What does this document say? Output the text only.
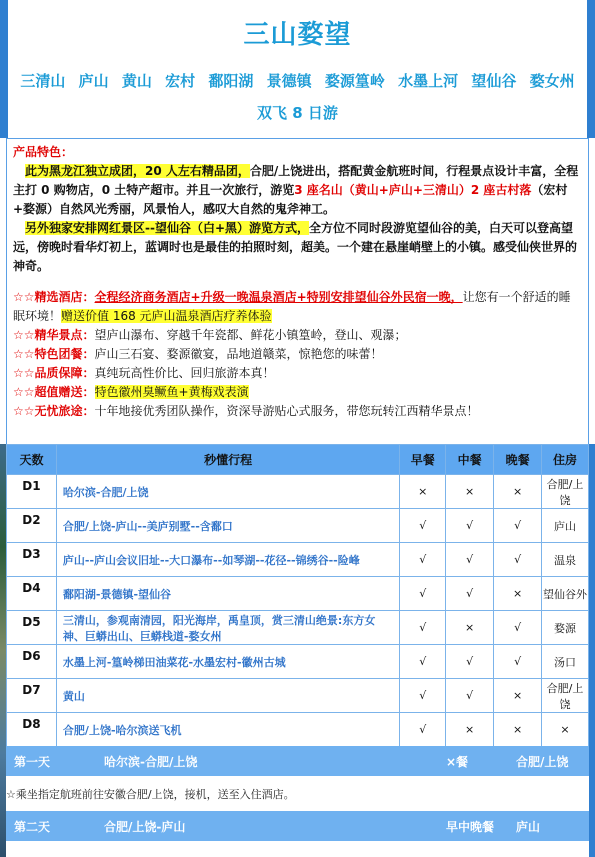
三山婺望
三清山 庐山 黄山 宏村 鄱阳湖 景德镇 婺源篁岭 水墨上河 望仙谷 婺女州
双飞 8 日游
产品特色：
此为黑龙江独立成团，20 人左右精品团，合肥/上饶进出，搭配黄金航班时间，行程景点设计丰富，全程主打 0 购物店，0 土特产超市。并且一次旅行，游览3 座名山（黄山+庐山+三清山）2 座古村落（宏村+婺源）自然风光秀丽，风景怡人，感叹大自然的鬼斧神工。
另外独家安排网红景区--望仙谷（白+黑）游览方式，全方位不同时段游览望仙谷的美，白天可以登高望远，傍晚时看华灯初上，蓝调时也是最佳的拍照时刻，超美。一个建在悬崖峭壁上的小镇。感受仙侠世界的神奇。
☆☆精选酒店：全程经济商务酒店+升级一晚温泉酒店+特别安排望仙谷外民宿一晚，让您有一个舒适的睡眠环境！赠送价值 168 元庐山温泉酒店疗养体验
☆☆精华景点：望庐山瀑布、穿越千年瓷都、鲜花小镇篁岭，登山、观瀑；
☆☆特色团餐：庐山三石宴、婺源徽宴，品地道赣菜，惊艳您的味蕾！
☆☆品质保障：真纯玩高性价比、回归旅游本真！
☆☆超值赠送：特色徽州臭鳜鱼+黄梅戏表演
☆☆无忧旅途：十年地接优秀团队操作，资深导游贴心式服务，带您玩转江西精华景点！
天数	秒懂行程	早餐	中餐	晚餐	住房
D1	哈尔滨-合肥/上饶	×	×	×	合肥/上饶
D2	合肥/上饶-庐山--美庐别墅--含鄱口	√	√	√	庐山
D3	庐山--庐山会议旧址--大口瀑布--如琴湖--花径--锦绣谷--险峰	√	√	√	温泉
D4	鄱阳湖-景德镇-望仙谷	√	√	×	望仙谷外
D5	三清山，参观南清园，阳光海岸，禹皇顶，赏三清山绝景:东方女神、巨蟒出山、巨蟒栈道-婺女州	√	×	√	婺源
D6	水墨上河-篁岭梯田油菜花-水墨宏村-徽州古城	√	√	√	汤口
D7	黄山	√	√	×	合肥/上饶
D8	合肥/上饶-哈尔滨送飞机	√	×	×	×
第一天	哈尔滨-合肥/上饶	×餐	合肥/上饶
☆乘坐指定航班前往安徽合肥/上饶，接机，送至入住酒店。
第二天	合肥/上饶-庐山	早中晚餐 庐山
